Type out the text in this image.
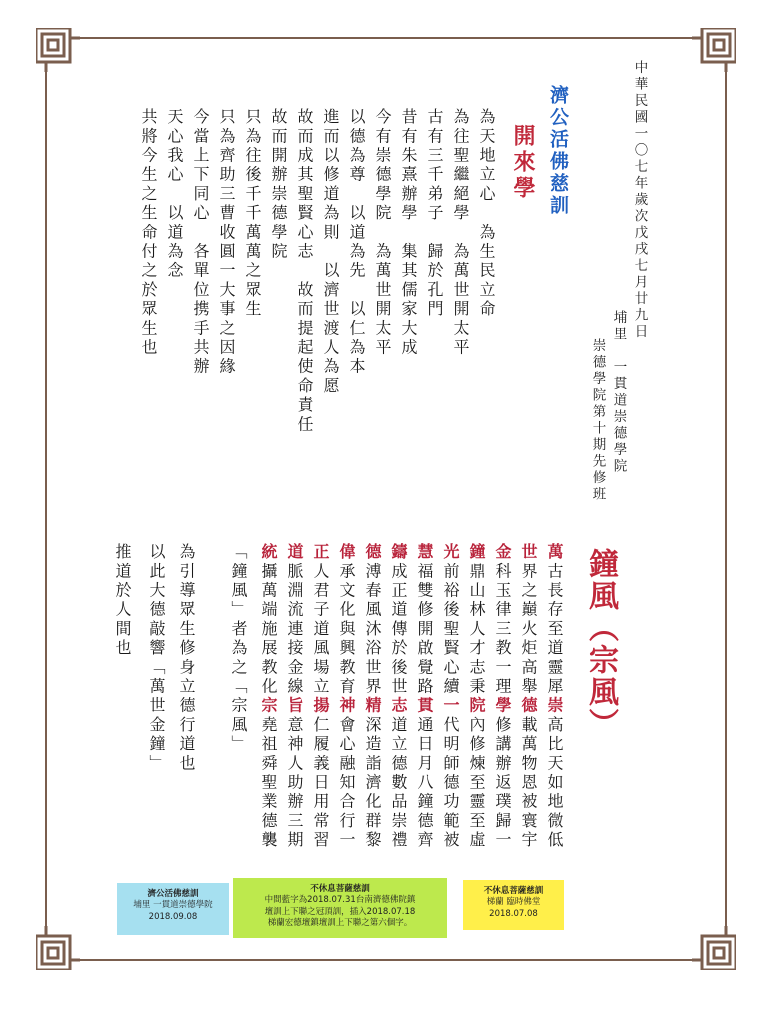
中華民國一〇七年歲次戊戌七月廿九日
埔里　一貫道崇德學院
崇德學院第十期先修班
濟公活佛慈訓
開來學
為天地立心　為生民立命
為往聖繼絕學　為萬世開太平
古有三千弟子　歸於孔門
昔有朱熹辦學　集其儒家大成
今有崇德學院　為萬世開太平
以德為尊　以道為先　以仁為本
進而以修道為則　以濟世渡人為愿
故而成其聖賢心志　故而提起使命責任
故而開辦崇德學院
只為往後千千萬萬之眾生
只為齊助三曹收圓一大事之因緣
今當上下同心　各單位携手共辦
天心我心　以道為念
共將今生之生命付之於眾生也
鐘風（宗風）
萬古長存至道靈犀崇高比天如地微低
世界之巔火炬高舉德載萬物恩被寰宇
金科玉律三教一理學修講辦返璞歸一
鐘鼎山林人才志秉院內修煉至靈至虛
光前裕後聖賢心續一代明師德功範被
慧福雙修開啟覺路貫通日月八鐘德齊
鑄成正道傳於後世志道立德數品崇禮
德溥春風沐浴世界精深造詣濟化群黎
偉承文化與興教育神會心融知合行一
正人君子道風場立揚仁履義日用常習
道脈淵流連接金線旨意神人助辦三期
統攝萬端施展教化宗堯祖舜聖業德襲
「鐘風」者為之「宗風」
為引導眾生修身立德行道也
以此大德敲響「萬世金鐘」
推道於人間也
濟公活佛慈訓
埔里 一貫道崇德學院
2018.09.08
不休息菩薩慈訓
中間藍字為2018.07.31台南濟德佛院鎮
壇訓上下聯之冠頂訓，插入2018.07.18
梯蘭宏德壇鎮壇訓上下聯之第六個字。
不休息菩薩慈訓
梯蘭 臨時佛堂
2018.07.08
